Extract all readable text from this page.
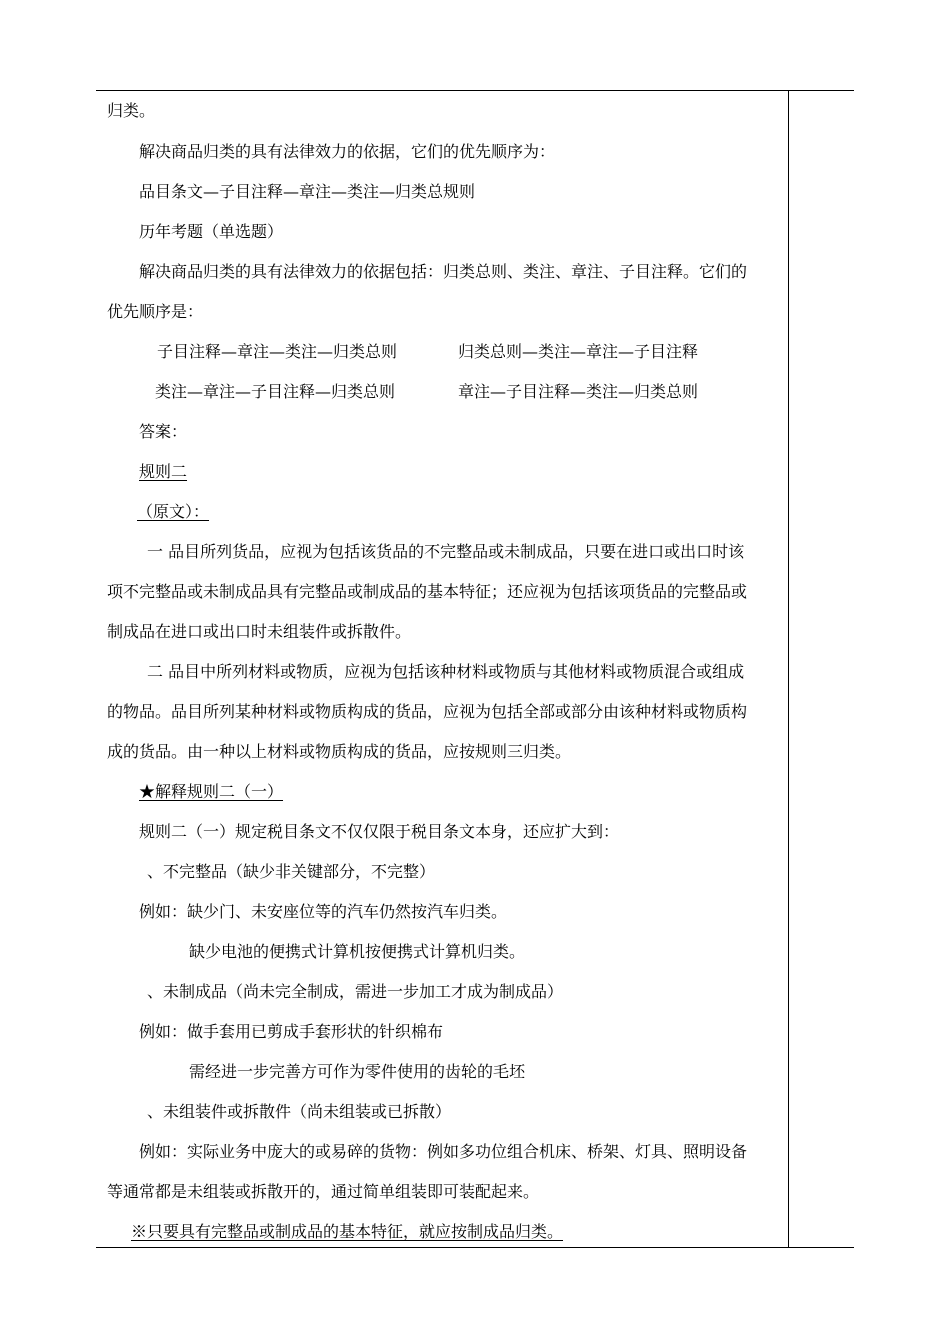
归类。
解决商品归类的具有法律效力的依据，它们的优先顺序为：
品目条文—子目注释—章注—类注—归类总规则
历年考题（单选题）
解决商品归类的具有法律效力的依据包括：归类总则、类注、章注、子目注释。它们的
优先顺序是：
子目注释—章注—类注—归类总则	归类总则—类注—章注—子目注释
类注—章注—子目注释—归类总则	章注—子目注释—类注—归类总则
答案：
规则二
（原文）：
一 品目所列货品，应视为包括该货品的不完整品或未制成品，只要在进口或出口时该
项不完整品或未制成品具有完整品或制成品的基本特征；还应视为包括该项货品的完整品或
制成品在进口或出口时未组装件或拆散件。
二 品目中所列材料或物质，应视为包括该种材料或物质与其他材料或物质混合或组成
的物品。品目所列某种材料或物质构成的货品，应视为包括全部或部分由该种材料或物质构
成的货品。由一种以上材料或物质构成的货品，应按规则三归类。
★解释规则二（一）
规则二（一）规定税目条文不仅仅限于税目条文本身，还应扩大到：
、不完整品（缺少非关键部分，不完整）
例如：缺少门、未安座位等的汽车仍然按汽车归类。
缺少电池的便携式计算机按便携式计算机归类。
、未制成品（尚未完全制成，需进一步加工才成为制成品）
例如：做手套用已剪成手套形状的针织棉布
需经进一步完善方可作为零件使用的齿轮的毛坯
、未组装件或拆散件（尚未组装或已拆散）
例如：实际业务中庞大的或易碎的货物：例如多功位组合机床、桥架、灯具、照明设备
等通常都是未组装或拆散开的，通过简单组装即可装配起来。
※只要具有完整品或制成品的基本特征，就应按制成品归类。
